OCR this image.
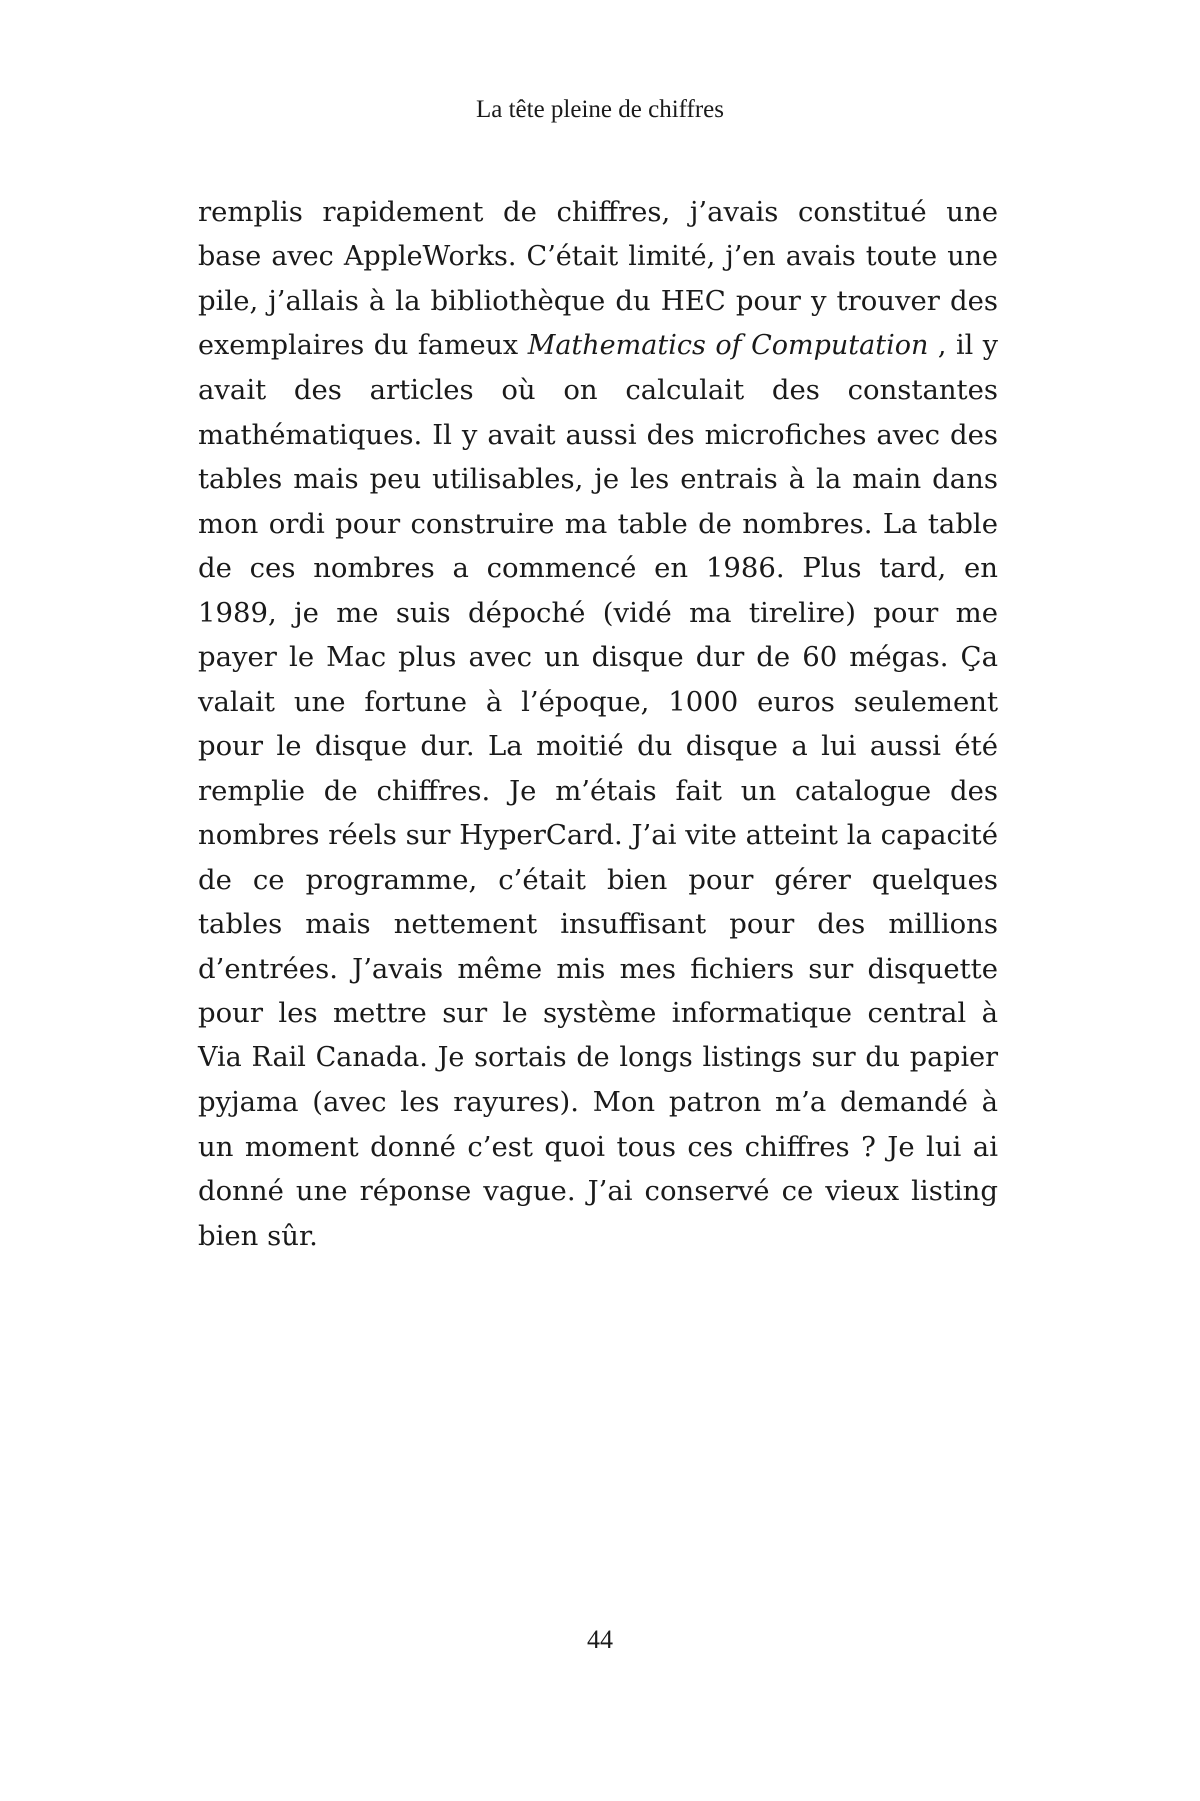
La tête pleine de chiffres
remplis rapidement de chiffres, j’avais constitué une
base avec AppleWorks. C’était limité, j’en avais toute une
pile, j’allais à la bibliothèque du HEC pour y trouver des
exemplaires du fameux Mathematics of Computation , il y
avait des articles où on calculait des constantes
mathématiques. Il y avait aussi des microfiches avec des
tables mais peu utilisables, je les entrais à la main dans
mon ordi pour construire ma table de nombres. La table
de ces nombres a commencé en 1986. Plus tard, en
1989, je me suis dépoché (vidé ma tirelire) pour me
payer le Mac plus avec un disque dur de 60 mégas. Ça
valait une fortune à l’époque, 1000 euros seulement
pour le disque dur. La moitié du disque a lui aussi été
remplie de chiffres. Je m’étais fait un catalogue des
nombres réels sur HyperCard. J’ai vite atteint la capacité
de ce programme, c’était bien pour gérer quelques
tables mais nettement insuffisant pour des millions
d’entrées. J’avais même mis mes fichiers sur disquette
pour les mettre sur le système informatique central à
Via Rail Canada. Je sortais de longs listings sur du papier
pyjama (avec les rayures). Mon patron m’a demandé à
un moment donné c’est quoi tous ces chiffres ? Je lui ai
donné une réponse vague. J’ai conservé ce vieux listing
bien sûr.
44
